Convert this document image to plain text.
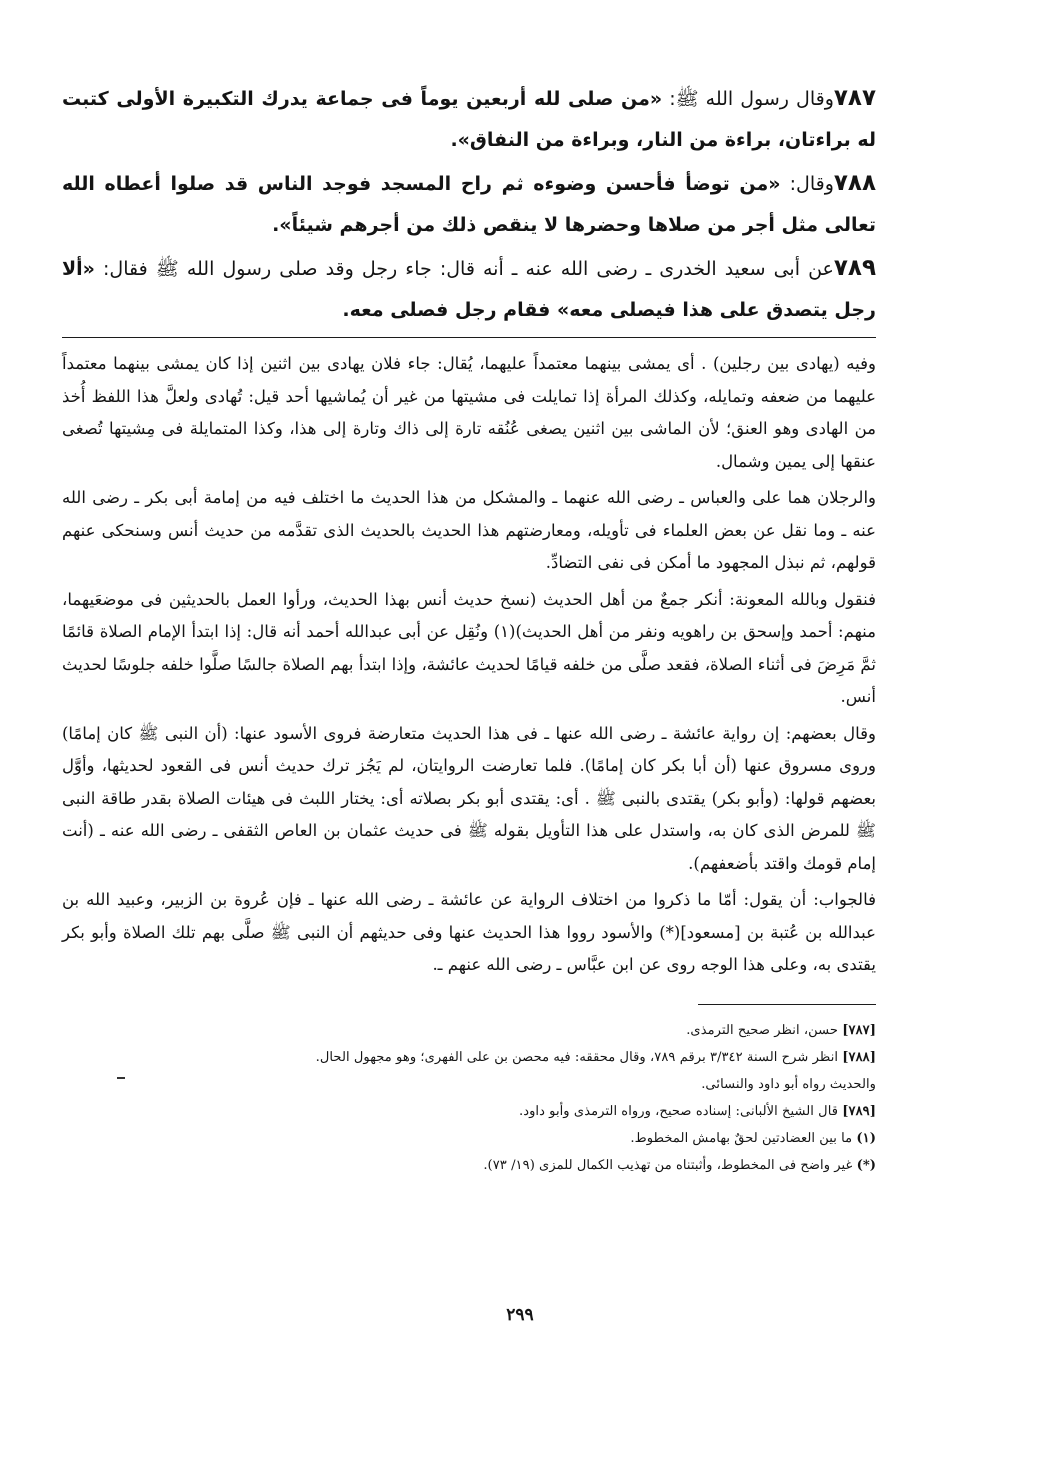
٧٨٧وقال رسول الله ﷺ: «من صلى لله أربعين يوماً فى جماعة يدرك التكبيرة الأولى كتبت له براءتان، براءة من النار، وبراءة من النفاق».

٧٨٨وقال: «من توضأ فأحسن وضوءه ثم راح المسجد فوجد الناس قد صلوا أعطاه الله تعالى مثل أجر من صلاها وحضرها لا ينقص ذلك من أجرهم شيئاً».

٧٨٩عن أبى سعيد الخدرى ـ رضى الله عنه ـ أنه قال: جاء رجل وقد صلى رسول الله ﷺ فقال: «ألا رجل يتصدق على هذا فيصلى معه» فقام رجل فصلى معه.

وفيه (يهادى بين رجلين) . أى يمشى بينهما معتمداً عليهما، يُقال: جاء فلان يهادى بين اثنين إذا كان يمشى بينهما معتمداً عليهما من ضعفه وتمايله، وكذلك المرأة إذا تمايلت فى مشيتها من غير أن يُماشيها أحد قيل: تُهادى ولعلَّ هذا اللفظ أُخذ من الهادى وهو العنق؛ لأن الماشى بين اثنين يصغى عُنُقه تارة إلى ذاك وتارة إلى هذا، وكذا المتمايلة فى مِشيتها تُصغى عنقها إلى يمين وشمال.

والرجلان هما على والعباس ـ رضى الله عنهما ـ والمشكل من هذا الحديث ما اختلف فيه من إمامة أبى بكر ـ رضى الله عنه ـ وما نقل عن بعض العلماء فى تأويله، ومعارضتهم هذا الحديث بالحديث الذى تقدَّمه من حديث أنس وسنحكى عنهم قولهم، ثم نبذل المجهود ما أمكن فى نفى التضادِّ.

فنقول وبالله المعونة: أنكر جمعٌ من أهل الحديث (نسخ حديث أنس بهذا الحديث، ورأوا العمل بالحديثين فى موضعَيهما، منهم: أحمد وإسحق بن راهويه ونفر من أهل الحديث)(١) ونُقِل عن أبى عبدالله أحمد أنه قال: إذا ابتدأ الإمام الصلاة قائمًا ثمَّ مَرِضَ فى أثناء الصلاة، فقعد صلَّى من خلفه قيامًا لحديث عائشة، وإذا ابتدأ بهم الصلاة جالسًا صلَّوا خلفه جلوسًا لحديث أنس.

وقال بعضهم: إن رواية عائشة ـ رضى الله عنها ـ فى هذا الحديث متعارضة فروى الأسود عنها: (أن النبى ﷺ كان إمامًا) وروى مسروق عنها (أن أبا بكر كان إمامًا). فلما تعارضت الروايتان، لم يَجُز ترك حديث أنس فى القعود لحديثها، وأوَّل بعضهم قولها: (وأبو بكر) يقتدى بالنبى ﷺ . أى: يقتدى أبو بكر بصلاته أى: يختار اللبث فى هيئات الصلاة بقدر طاقة النبى ﷺ للمرض الذى كان به، واستدل على هذا التأويل بقوله ﷺ فى حديث عثمان بن العاص الثقفى ـ رضى الله عنه ـ (أنت إمام قومك واقتد بأضعفهم).

فالجواب: أن يقول: أمّا ما ذكروا من اختلاف الرواية عن عائشة ـ رضى الله عنها ـ فإن عُروة بن الزبير، وعبيد الله بن عبدالله بن عُتبة بن [مسعود](*) والأسود رووا هذا الحديث عنها وفى حديثهم أن النبى ﷺ صلَّى بهم تلك الصلاة وأبو بكر يقتدى به، وعلى هذا الوجه روى عن ابن عبَّاس ـ رضى الله عنهم ـ.

[٧٨٧] حسن، انظر صحيح الترمذى.

[٧٨٨] انظر شرح السنة ٣/٣٤٢ برقم ٧٨٩، وقال محققه: فيه محصن بن على الفهرى؛ وهو مجهول الحال.

والحديث رواه أبو داود والنسائى.

[٧٨٩] قال الشيخ الألبانى: إسناده صحيح، ورواه الترمذى وأبو داود.

(١) ما بين العضادتين لحقٌ بهامش المخطوط.

(*) غير واضح فى المخطوط، وأثبتناه من تهذيب الكمال للمزى (١٩/ ٧٣).

٢٩٩
